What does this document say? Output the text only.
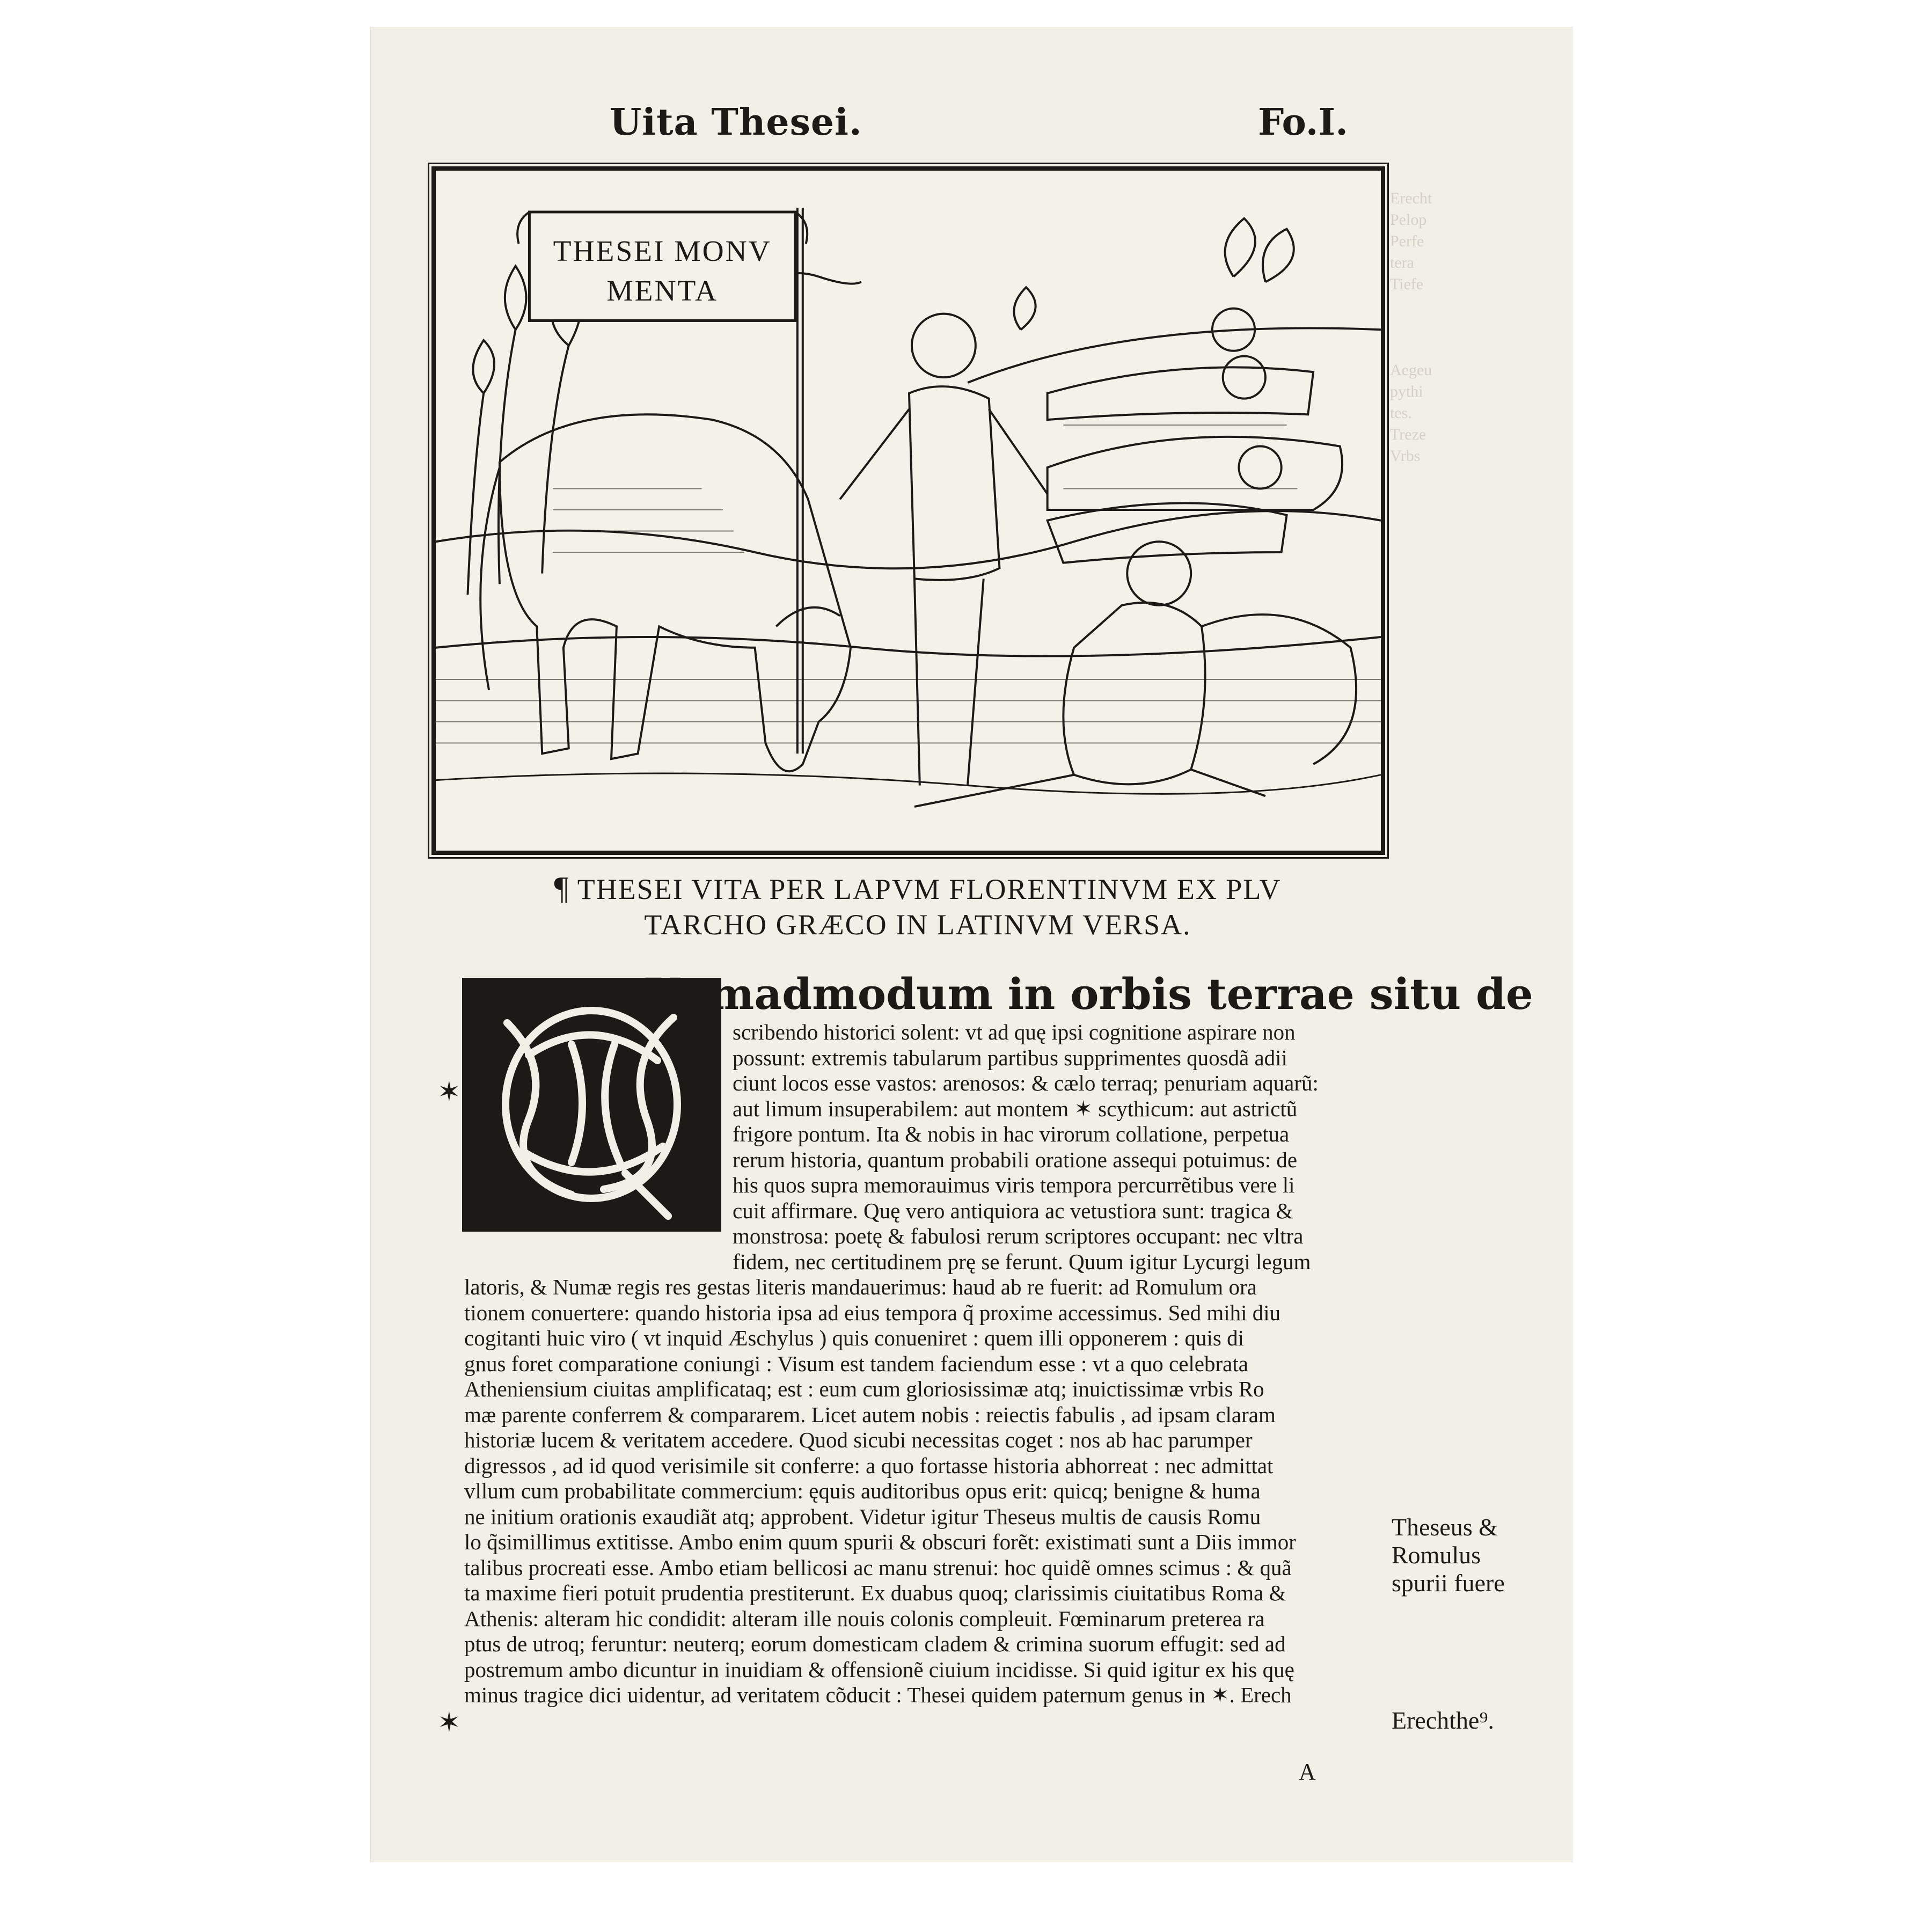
Erecht
Pelop
Perfe
tera
Tiefe

Aegeu
pythi
tes.
Treze
Vrbs
Uita Thesei.	Fo.I.
THESEI MONV
MENTA
¶ THESEI VITA PER LAPVM FLORENTINVM EX PLV
TARCHO GRÆCO IN LATINVM VERSA.
Uemadmodum in orbis terrae situ de
scribendo historici solent: vt ad quę ipsi cognitione aspirare non
possunt: extremis tabularum partibus supprimentes quosdã adii
ciunt locos esse vastos: arenosos: & cælo terraq; penuriam aquarũ:
aut limum insuperabilem: aut montem ✶ scythicum: aut astrictũ
frigore pontum. Ita & nobis in hac virorum collatione, perpetua
rerum historia, quantum probabili oratione assequi potuimus: de
his quos supra memorauimus viris tempora percurrẽtibus vere li
cuit affirmare. Quę vero antiquiora ac vetustiora sunt: tragica &
monstrosa: poetę & fabulosi rerum scriptores occupant: nec vltra
fidem, nec certitudinem prę se ferunt. Quum igitur Lycurgi legum
latoris, & Numæ regis res gestas literis mandauerimus: haud ab re fuerit: ad Romulum ora
tionem conuertere: quando historia ipsa ad eius tempora q̃ proxime accessimus. Sed mihi diu
cogitanti huic viro ( vt inquid Æschylus ) quis conueniret : quem illi opponerem : quis di
gnus foret comparatione coniungi : Visum est tandem faciendum esse : vt a quo celebrata
Atheniensium ciuitas amplificataq; est : eum cum gloriosissimæ atq; inuictissimæ vrbis Ro
mæ parente conferrem & compararem. Licet autem nobis : reiectis fabulis , ad ipsam claram
historiæ lucem & veritatem accedere. Quod sicubi necessitas coget : nos ab hac parumper
digressos , ad id quod verisimile sit conferre: a quo fortasse historia abhorreat : nec admittat
vllum cum probabilitate commercium: ęquis auditoribus opus erit: quicq; benigne & huma
ne initium orationis exaudiãt atq; approbent. Videtur igitur Theseus multis de causis Romu
lo q̃simillimus extitisse. Ambo enim quum spurii & obscuri forẽt: existimati sunt a Diis immor
talibus procreati esse. Ambo etiam bellicosi ac manu strenui: hoc quidẽ omnes scimus : & quã
ta maxime fieri potuit prudentia prestiterunt. Ex duabus quoq; clarissimis ciuitatibus Roma &
Athenis: alteram hic condidit: alteram ille nouis colonis compleuit. Fœminarum preterea ra
ptus de utroq; feruntur: neuterq; eorum domesticam cladem & crimina suorum effugit: sed ad
postremum ambo dicuntur in inuidiam & offensionẽ ciuium incidisse. Si quid igitur ex his quę
minus tragice dici uidentur, ad veritatem cõducit : Thesei quidem paternum genus in ✶. Erech
Theseus &
Romulus
spurii fuere
Erechthe⁹.
✶
✶
A
